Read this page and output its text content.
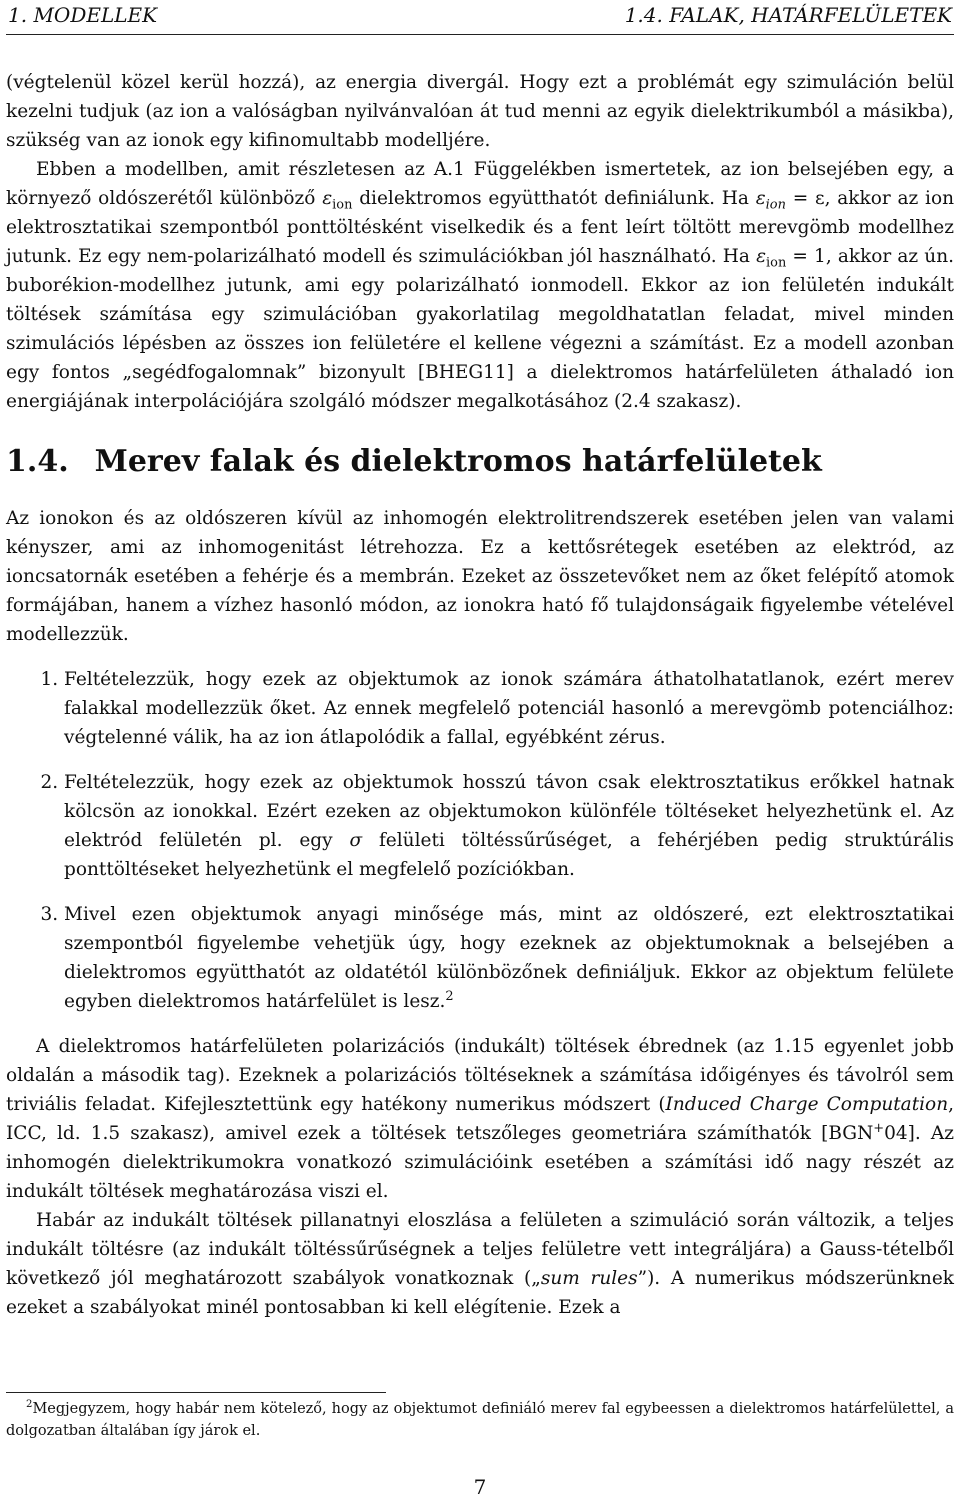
1. MODELLEK	1.4. FALAK, HATÁRFELÜLETEK

(végtelenül közel kerül hozzá), az energia divergál. Hogy ezt a problémát egy szimuláción belül kezelni tudjuk (az ion a valóságban nyilvánvalóan át tud menni az egyik dielektrikumból a másikba), szükség van az ionok egy kifinomultabb modelljére.

Ebben a modellben, amit részletesen az A.1 Függelékben ismertetek, az ion belsejében egy, a környező oldószerétől különböző $\varepsilon_{ion}$ dielektromos együtthatót definiálunk. Ha $\varepsilon_{ion} = \varepsilon$, akkor az ion elektrosztatikai szempontból ponttöltésként viselkedik és a fent leírt töltött merevgömb modellhez jutunk. Ez egy nem-polarizálható modell és szimulációkban jól használható. Ha $\varepsilon_{ion} = 1$, akkor az ún. buborékion-modellhez jutunk, ami egy polarizálható ionmodell. Ekkor az ion felületén indukált töltések számítása egy szimulációban gyakorlatilag megoldhatatlan feladat, mivel minden szimulációs lépésben az összes ion felületére el kellene végezni a számítást. Ez a modell azonban egy fontos „segédfogalomnak” bizonyult [BHEG11] a dielektromos határfelületen áthaladó ion energiájának interpolációjára szolgáló módszer megalkotásához (2.4 szakasz).

1.4. Merev falak és dielektromos határfelületek

Az ionokon és az oldószeren kívül az inhomogén elektrolitrendszerek esetében jelen van valami kényszer, ami az inhomogenitást létrehozza. Ez a kettősrétegek esetében az elektród, az ioncsatornák esetében a fehérje és a membrán. Ezeket az összetevőket nem az őket felépítő atomok formájában, hanem a vízhez hasonló módon, az ionokra ható fő tulajdonságaik figyelembe vételével modellezzük.

1. Feltételezzük, hogy ezek az objektumok az ionok számára áthatolhatatlanok, ezért merev falakkal modellezzük őket. Az ennek megfelelő potenciál hasonló a merevgömb potenciálhoz: végtelenné válik, ha az ion átlapolódik a fallal, egyébként zérus.
2. Feltételezzük, hogy ezek az objektumok hosszú távon csak elektrosztatikus erőkkel hatnak kölcsön az ionokkal. Ezért ezeken az objektumokon különféle töltéseket helyezhetünk el. Az elektród felületén pl. egy σ felületi töltéssűrűséget, a fehérjében pedig struktúrális ponttöltéseket helyezhetünk el megfelelő pozíciókban.
3. Mivel ezen objektumok anyagi minősége más, mint az oldószeré, ezt elektrosztatikai szempontból figyelembe vehetjük úgy, hogy ezeknek az objektumoknak a belsejében a dielektromos együtthatót az oldatétól különbözőnek definiáljuk. Ekkor az objektum felülete egyben dielektromos határfelület is lesz.$^2$

A dielektromos határfelületen polarizációs (indukált) töltések ébrednek (az 1.15 egyenlet jobb oldalán a második tag). Ezeknek a polarizációs töltéseknek a számítása időigényes és távolról sem triviális feladat. Kifejlesztettünk egy hatékony numerikus módszert (Induced Charge Computation, ICC, ld. 1.5 szakasz), amivel ezek a töltések tetszőleges geometriára számíthatók [BGN+04]. Az inhomogén dielektrikumokra vonatkozó szimulációink esetében a számítási idő nagy részét az indukált töltések meghatározása viszi el.

Habár az indukált töltések pillanatnyi eloszlása a felületen a szimuláció során változik, a teljes indukált töltésre (az indukált töltéssűrűségnek a teljes felületre vett integráljára) a Gauss-tételből következő jól meghatározott szabályok vonatkoznak („sum rules”). A numerikus módszerünknek ezeket a szabályokat minél pontosabban ki kell elégítenie. Ezek a

$^2$Megjegyzem, hogy habár nem kötelező, hogy az objektumot definiáló merev fal egybeessen a dielektromos határfelülettel, a dolgozatban általában így járok el.
7
